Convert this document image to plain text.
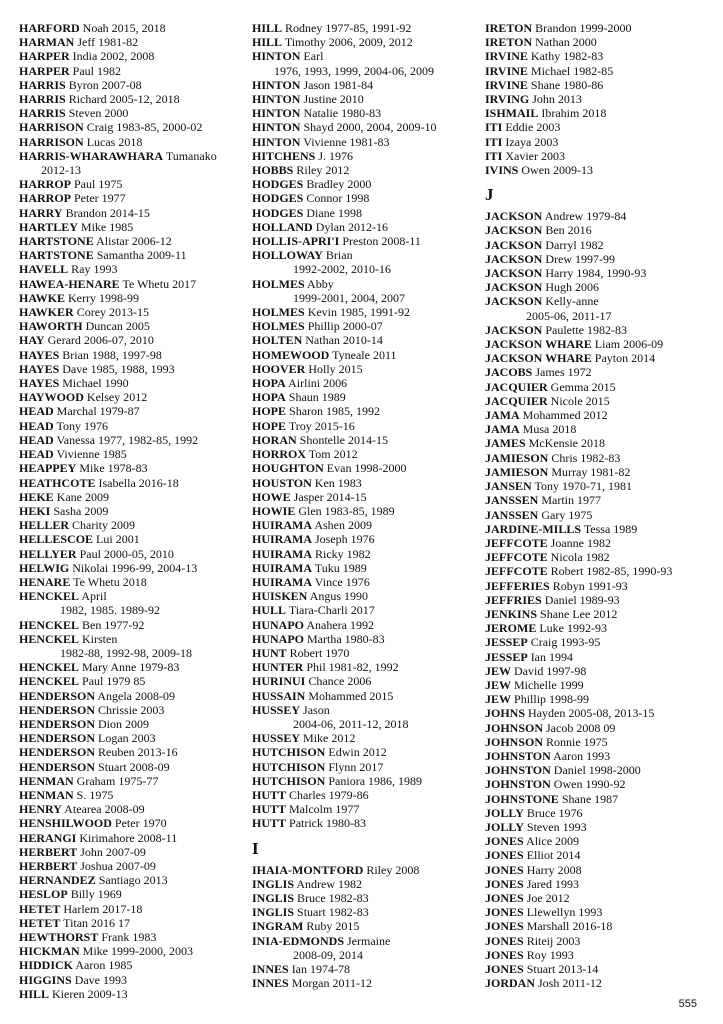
HARFORD Noah 2015, 2018
HARMAN Jeff 1981-82
HARPER India 2002, 2008
HARPER Paul 1982
HARRIS Byron 2007-08
HARRIS Richard 2005-12, 2018
HARRIS Steven 2000
HARRISON Craig 1983-85, 2000-02
HARRISON Lucas 2018
HARRIS-WHARAWHARA Tumanako
2012-13
HARROP Paul 1975
HARROP Peter 1977
HARRY Brandon 2014-15
HARTLEY Mike 1985
HARTSTONE Alistar 2006-12
HARTSTONE Samantha 2009-11
HAVELL Ray 1993
HAWEA-HENARE Te Whetu 2017
HAWKE Kerry 1998-99
HAWKER Corey 2013-15
HAWORTH Duncan 2005
HAY Gerard 2006-07, 2010
HAYES Brian 1988, 1997-98
HAYES Dave 1985, 1988, 1993
HAYES Michael 1990
HAYWOOD Kelsey 2012
HEAD Marchal 1979-87
HEAD Tony 1976
HEAD Vanessa 1977, 1982-85, 1992
HEAD Vivienne 1985
HEAPPEY Mike 1978-83
HEATHCOTE Isabella 2016-18
HEKE Kane 2009
HEKI Sasha 2009
HELLER Charity 2009
HELLESCOE Lui 2001
HELLYER Paul 2000-05, 2010
HELWIG Nikolai 1996-99, 2004-13
HENARE Te Whetu 2018
HENCKEL April
1982, 1985. 1989-92
HENCKEL Ben 1977-92
HENCKEL Kirsten
1982-88, 1992-98, 2009-18
HENCKEL Mary Anne 1979-83
HENCKEL Paul 1979 85
HENDERSON Angela 2008-09
HENDERSON Chrissie 2003
HENDERSON Dion 2009
HENDERSON Logan 2003
HENDERSON Reuben 2013-16
HENDERSON Stuart 2008-09
HENMAN Graham 1975-77
HENMAN S. 1975
HENRY Atearea 2008-09
HENSHILWOOD Peter 1970
HERANGI Kirimahore 2008-11
HERBERT John 2007-09
HERBERT Joshua 2007-09
HERNANDEZ Santiago 2013
HESLOP Billy 1969
HETET Harlem 2017-18
HETET Titan 2016 17
HEWTHORST Frank 1983
HICKMAN Mike 1999-2000, 2003
HIDDICK Aaron 1985
HIGGINS Dave 1993
HILL Kieren 2009-13
HILL Rodney 1977-85, 1991-92
HILL Timothy 2006, 2009, 2012
HINTON Earl
1976, 1993, 1999, 2004-06, 2009
HINTON Jason 1981-84
HINTON Justine 2010
HINTON Natalie 1980-83
HINTON Shayd 2000, 2004, 2009-10
HINTON Vivienne 1981-83
HITCHENS J. 1976
HOBBS Riley 2012
HODGES Bradley 2000
HODGES Connor 1998
HODGES Diane 1998
HOLLAND Dylan 2012-16
HOLLIS-APRI'I Preston 2008-11
HOLLOWAY Brian
1992-2002, 2010-16
HOLMES Abby
1999-2001, 2004, 2007
HOLMES Kevin 1985, 1991-92
HOLMES Phillip 2000-07
HOLTEN Nathan 2010-14
HOMEWOOD Tyneale 2011
HOOVER Holly 2015
HOPA Airlini 2006
HOPA Shaun 1989
HOPE Sharon 1985, 1992
HOPE Troy 2015-16
HORAN Shontelle 2014-15
HORROX Tom 2012
HOUGHTON Evan 1998-2000
HOUSTON Ken 1983
HOWE Jasper 2014-15
HOWIE Glen 1983-85, 1989
HUIRAMA Ashen 2009
HUIRAMA Joseph 1976
HUIRAMA Ricky 1982
HUIRAMA Tuku 1989
HUIRAMA Vince 1976
HUISKEN Angus 1990
HULL Tiara-Charli 2017
HUNAPO Anahera 1992
HUNAPO Martha 1980-83
HUNT Robert 1970
HUNTER Phil 1981-82, 1992
HURINUI Chance 2006
HUSSAIN Mohammed 2015
HUSSEY Jason
2004-06, 2011-12, 2018
HUSSEY Mike 2012
HUTCHISON Edwin 2012
HUTCHISON Flynn 2017
HUTCHISON Paniora 1986, 1989
HUTT Charles 1979-86
HUTT Malcolm 1977
HUTT Patrick 1980-83
I
IHAIA-MONTFORD Riley 2008
INGLIS Andrew 1982
INGLIS Bruce 1982-83
INGLIS Stuart 1982-83
INGRAM Ruby 2015
INIA-EDMONDS Jermaine
2008-09, 2014
INNES Ian 1974-78
INNES Morgan 2011-12
IRETON Brandon 1999-2000
IRETON Nathan 2000
IRVINE Kathy 1982-83
IRVINE Michael 1982-85
IRVINE Shane 1980-86
IRVING John 2013
ISHMAIL Ibrahim 2018
ITI Eddie 2003
ITI Izaya 2003
ITI Xavier 2003
IVINS Owen 2009-13
J
JACKSON Andrew 1979-84
JACKSON Ben 2016
JACKSON Darryl 1982
JACKSON Drew 1997-99
JACKSON Harry 1984, 1990-93
JACKSON Hugh 2006
JACKSON Kelly-anne
2005-06, 2011-17
JACKSON Paulette 1982-83
JACKSON WHARE Liam 2006-09
JACKSON WHARE Payton 2014
JACOBS James 1972
JACQUIER Gemma 2015
JACQUIER Nicole 2015
JAMA Mohammed 2012
JAMA Musa 2018
JAMES McKensie 2018
JAMIESON Chris 1982-83
JAMIESON Murray 1981-82
JANSEN Tony 1970-71, 1981
JANSSEN Martin 1977
JANSSEN Gary 1975
JARDINE-MILLS Tessa 1989
JEFFCOTE Joanne 1982
JEFFCOTE Nicola 1982
JEFFCOTE Robert 1982-85, 1990-93
JEFFERIES Robyn 1991-93
JEFFRIES Daniel 1989-93
JENKINS Shane Lee 2012
JEROME Luke 1992-93
JESSEP Craig 1993-95
JESSEP Ian 1994
JEW David 1997-98
JEW Michelle 1999
JEW Phillip 1998-99
JOHNS Hayden 2005-08, 2013-15
JOHNSON Jacob 2008 09
JOHNSON Ronnie 1975
JOHNSTON Aaron 1993
JOHNSTON Daniel 1998-2000
JOHNSTON Owen 1990-92
JOHNSTONE Shane 1987
JOLLY Bruce 1976
JOLLY Steven 1993
JONES Alice 2009
JONES Elliot 2014
JONES Harry 2008
JONES Jared 1993
JONES Joe 2012
JONES Llewellyn 1993
JONES Marshall 2016-18
JONES Riteij 2003
JONES Roy 1993
JONES Stuart 2013-14
JORDAN Josh 2011-12
555
